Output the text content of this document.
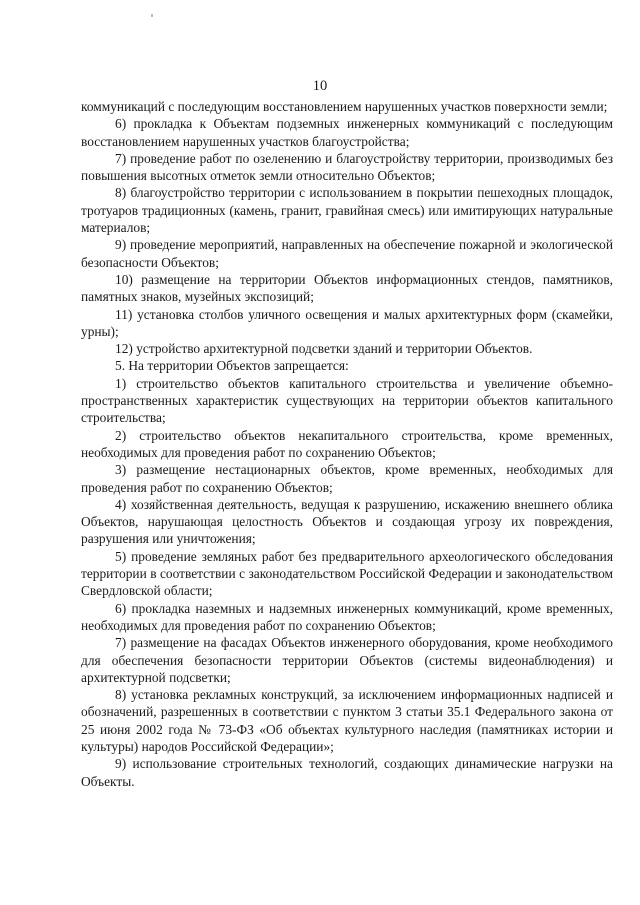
10

коммуникаций с последующим восстановлением нарушенных участков поверхности земли;

6) прокладка к Объектам подземных инженерных коммуникаций с последующим восстановлением нарушенных участков благоустройства;

7) проведение работ по озеленению и благоустройству территории, производимых без повышения высотных отметок земли относительно Объектов;

8) благоустройство территории с использованием в покрытии пешеходных площадок, тротуаров традиционных (камень, гранит, гравийная смесь) или имитирующих натуральные материалов;

9) проведение мероприятий, направленных на обеспечение пожарной и экологической безопасности Объектов;

10) размещение на территории Объектов информационных стендов, памятников, памятных знаков, музейных экспозиций;

11) установка столбов уличного освещения и малых архитектурных форм (скамейки, урны);

12) устройство архитектурной подсветки зданий и территории Объектов.

5. На территории Объектов запрещается:

1) строительство объектов капитального строительства и увеличение объемно-пространственных характеристик существующих на территории объектов капитального строительства;

2) строительство объектов некапитального строительства, кроме временных, необходимых для проведения работ по сохранению Объектов;

3) размещение нестационарных объектов, кроме временных, необходимых для проведения работ по сохранению Объектов;

4) хозяйственная деятельность, ведущая к разрушению, искажению внешнего облика Объектов, нарушающая целостность Объектов и создающая угрозу их повреждения, разрушения или уничтожения;

5) проведение земляных работ без предварительного археологического обследования территории в соответствии с законодательством Российской Федерации и законодательством Свердловской области;

6) прокладка наземных и надземных инженерных коммуникаций, кроме временных, необходимых для проведения работ по сохранению Объектов;

7) размещение на фасадах Объектов инженерного оборудования, кроме необходимого для обеспечения безопасности территории Объектов (системы видеонаблюдения) и архитектурной подсветки;

8) установка рекламных конструкций, за исключением информационных надписей и обозначений, разрешенных в соответствии с пунктом 3 статьи 35.1 Федерального закона от 25 июня 2002 года № 73-ФЗ «Об объектах культурного наследия (памятниках истории и культуры) народов Российской Федерации»;

9) использование строительных технологий, создающих динамические нагрузки на Объекты.
